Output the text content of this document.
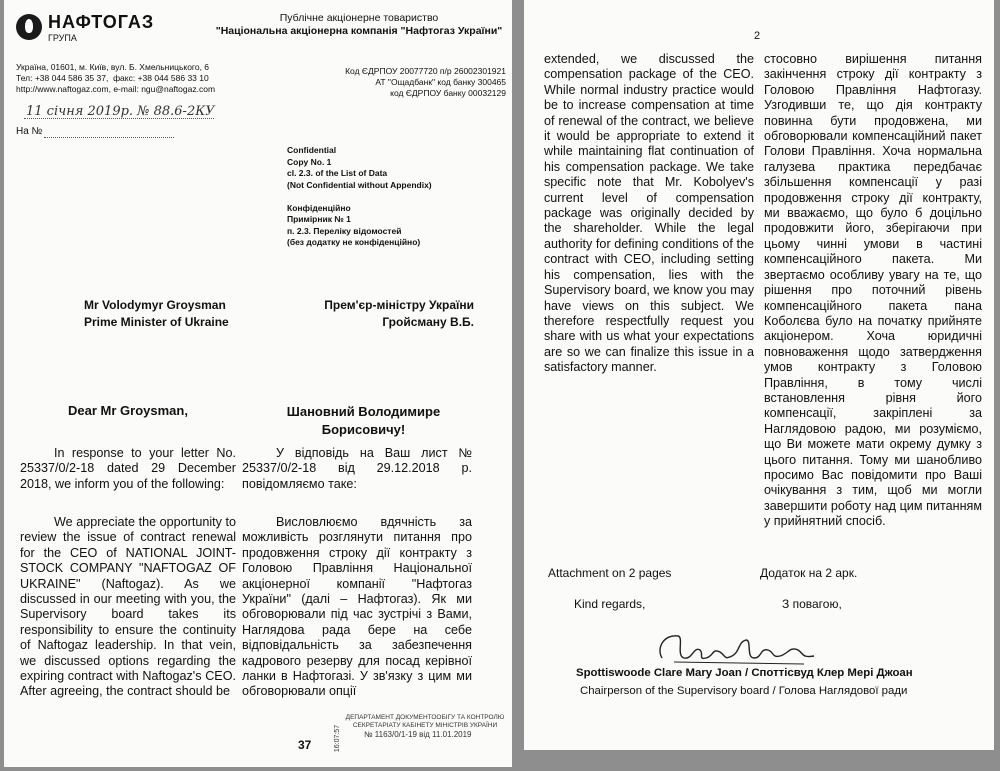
НАФТОГАЗ
ГРУПА
Публічне акціонерне товариство
"Національна акціонерна компанія "Нафтогаз України"
Україна, 01601, м. Київ, вул. Б. Хмельницького, 6
Тел: +38 044 586 35 37,  факс: +38 044 586 33 10
http://www.naftogaz.com, e-mail: ngu@naftogaz.com
Код ЄДРПОУ 20077720 п/р 26002301921
АТ "Ощадбанк" код банку 300465
код ЄДРПОУ банку 00032129
11 січня 2019р. № 88.6-2КУ
На №
Confidential
Copy No. 1
cl. 2.3. of the List of Data
(Not Confidential without Appendix)

Конфіденційно
Примірник № 1
п. 2.3. Переліку відомостей
(без додатку не конфіденційно)
Mr Volodymyr Groysman
Prime Minister of Ukraine
Прем'єр-міністру України
Гройсману В.Б.
Dear Mr Groysman,	Шановний Володимире Борисовичу!
In response to your letter No. 25337/0/2-18 dated 29 December 2018, we inform you of the following:
У відповідь на Ваш лист № 25337/0/2-18 від 29.12.2018 р. повідомляємо таке:
We appreciate the opportunity to review the issue of contract renewal for the CEO of NATIONAL JOINT-STOCK COMPANY "NAFTOGAZ OF UKRAINE" (Naftogaz). As we discussed in our meeting with you, the Supervisory board takes its responsibility to ensure the continuity of Naftogaz leadership. In that vein, we discussed options regarding the expiring contract with Naftogaz's CEO. After agreeing, the contract should be
Висловлюємо вдячність за можливість розглянути питання про продовження строку дії контракту з Головою Правління Національної акціонерної компанії "Нафтогаз України" (далі – Нафтогаз). Як ми обговорювали під час зустрічі з Вами, Наглядова рада бере на себе відповідальність за забезпечення кадрового резерву для посад керівної ланки в Нафтогазі. У зв'язку з цим ми обговорювали опції
ДЕПАРТАМЕНТ ДОКУМЕНТООБІГУ ТА КОНТРОЛЮ СЕКРЕТАРІАТУ КАБІНЕТУ МІНІСТРІВ УКРАЇНИ
№ 1163/0/1-19 від 11.01.2019
37	16:07:57
2
extended, we discussed the compensation package of the CEO. While normal industry practice would be to increase compensation at time of renewal of the contract, we believe it would be appropriate to extend it while maintaining flat continuation of his compensation package. We take specific note that Mr. Kobolyev's current level of compensation package was originally decided by the shareholder. While the legal authority for defining conditions of the contract with CEO, including setting his compensation, lies with the Supervisory board, we know you may have views on this subject. We therefore respectfully request you share with us what your expectations are so we can finalize this issue in a satisfactory manner.
стосовно вирішення питання закінчення строку дії контракту з Головою Правління Нафтогазу. Узгодивши те, що дія контракту повинна бути продовжена, ми обговорювали компенсаційний пакет Голови Правління. Хоча нормальна галузева практика передбачає збільшення компенсації у разі продовження строку дії контракту, ми вважаємо, що було б доцільно продовжити його, зберігаючи при цьому чинні умови в частині компенсаційного пакета. Ми звертаємо особливу увагу на те, що рішення про поточний рівень компенсаційного пакета пана Коболєва було на початку прийняте акціонером. Хоча юридичні повноваження щодо затвердження умов контракту з Головою Правління, в тому числі встановлення рівня його компенсації, закріплені за Наглядовою радою, ми розуміємо, що Ви можете мати окрему думку з цього питання. Тому ми шанобливо просимо Вас повідомити про Ваші очікування з тим, щоб ми могли завершити роботу над цим питанням у прийнятний спосіб.
Attachment on 2 pages	Додаток на 2 арк.
Kind regards,	З повагою,
Spottiswoode Clare Mary Joan / Споттісвуд Клер Мері Джоан
Chairperson of the Supervisory board / Голова Наглядової ради
